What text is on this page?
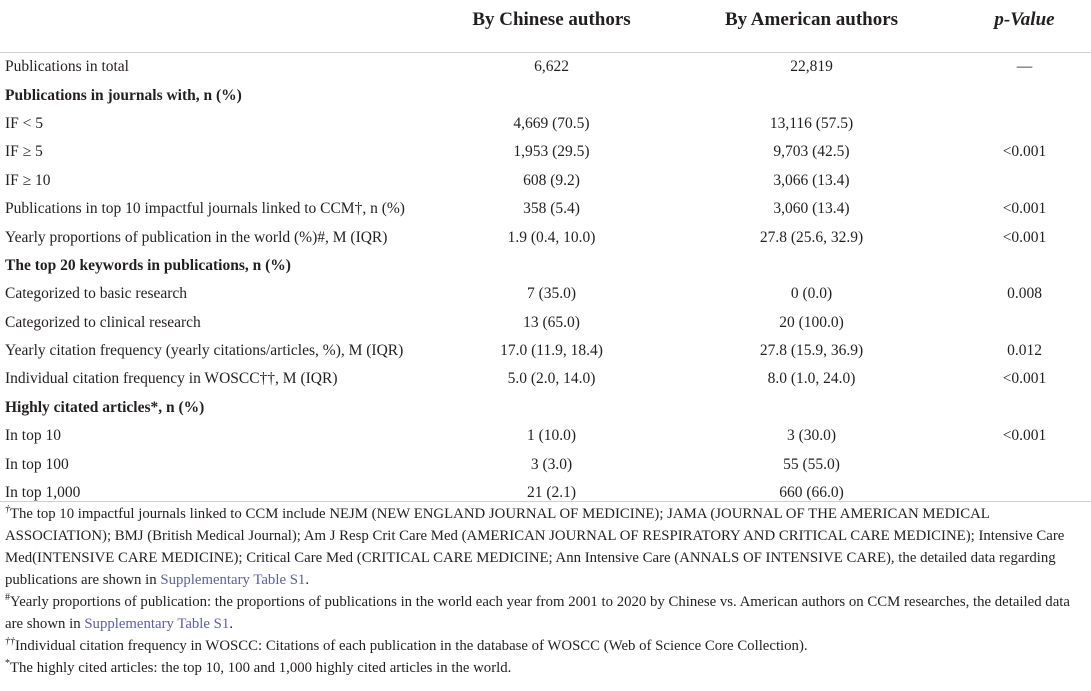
	By Chinese authors	By American authors	p-Value
Publications in total	6,622	22,819	—
Publications in journals with, n (%)			
IF < 5	4,669 (70.5)	13,116 (57.5)	
IF ≥ 5	1,953 (29.5)	9,703 (42.5)	<0.001
IF ≥ 10	608 (9.2)	3,066 (13.4)	
Publications in top 10 impactful journals linked to CCM†, n (%)	358 (5.4)	3,060 (13.4)	<0.001
Yearly proportions of publication in the world (%)#, M (IQR)	1.9 (0.4, 10.0)	27.8 (25.6, 32.9)	<0.001
The top 20 keywords in publications, n (%)			
Categorized to basic research	7 (35.0)	0 (0.0)	0.008
Categorized to clinical research	13 (65.0)	20 (100.0)	
Yearly citation frequency (yearly citations/articles, %), M (IQR)	17.0 (11.9, 18.4)	27.8 (15.9, 36.9)	0.012
Individual citation frequency in WOSCC††, M (IQR)	5.0 (2.0, 14.0)	8.0 (1.0, 24.0)	<0.001
Highly citated articles*, n (%)			
In top 10	1 (10.0)	3 (30.0)	<0.001
In top 100	3 (3.0)	55 (55.0)	
In top 1,000	21 (2.1)	660 (66.0)	

†The top 10 impactful journals linked to CCM include NEJM (NEW ENGLAND JOURNAL OF MEDICINE); JAMA (JOURNAL OF THE AMERICAN MEDICAL ASSOCIATION); BMJ (British Medical Journal); Am J Resp Crit Care Med (AMERICAN JOURNAL OF RESPIRATORY AND CRITICAL CARE MEDICINE); Intensive Care Med(INTENSIVE CARE MEDICINE); Critical Care Med (CRITICAL CARE MEDICINE; Ann Intensive Care (ANNALS OF INTENSIVE CARE), the detailed data regarding publications are shown in Supplementary Table S1.

#Yearly proportions of publication: the proportions of publications in the world each year from 2001 to 2020 by Chinese vs. American authors on CCM researches, the detailed data are shown in Supplementary Table S1.

††Individual citation frequency in WOSCC: Citations of each publication in the database of WOSCC (Web of Science Core Collection).

*The highly cited articles: the top 10, 100 and 1,000 highly cited articles in the world.
